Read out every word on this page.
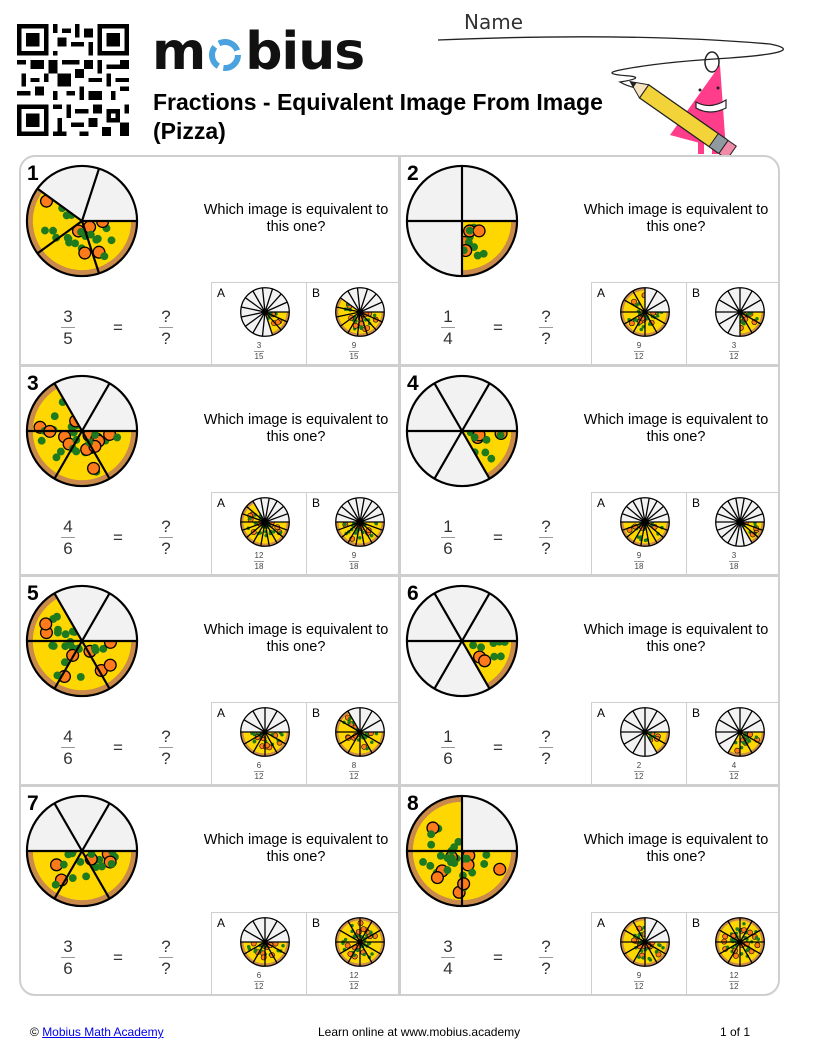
m bius
Fractions - Equivalent Image From Image
(Pizza)
Name
1
Which image is equivalent to this one?
$\frac{3}{5} = \frac{?}{?}$
A
3
15
B
9
15
2
Which image is equivalent to this one?
$\frac{1}{4} = \frac{?}{?}$
A
9
12
B
3
12
3
Which image is equivalent to this one?
$\frac{4}{6} = \frac{?}{?}$
A
12
18
B
9
18
4
Which image is equivalent to this one?
$\frac{1}{6} = \frac{?}{?}$
A
9
18
B
3
18
5
Which image is equivalent to this one?
$\frac{4}{6} = \frac{?}{?}$
A
6
12
B
8
12
6
Which image is equivalent to this one?
$\frac{1}{6} = \frac{?}{?}$
A
2
12
B
4
12
7
Which image is equivalent to this one?
$\frac{3}{6} = \frac{?}{?}$
A
6
12
B
12
12
8
Which image is equivalent to this one?
$\frac{3}{4} = \frac{?}{?}$
A
9
12
B
12
12
© Mobius Math Academy	Learn online at www.mobius.academy	1 of 1
